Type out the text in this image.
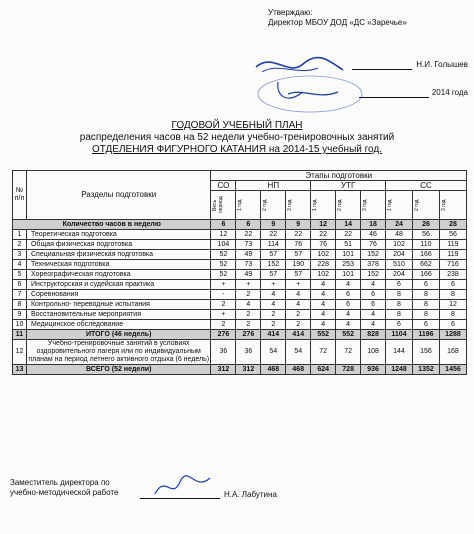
Утверждаю:
Директор МБОУ ДОД «ДС «Заречье»
Н.И. Голышев
2014 года
ГОДОВОЙ УЧЕБНЫЙ ПЛАН
распределения часов на 52 недели учебно-тренировочных занятий
ОТДЕЛЕНИЯ ФИГУРНОГО КАТАНИЯ на 2014-15 учебный год.
№ п/п	Разделы подготовки	Этапы подготовки									
		СО	НП			УТГ			СС		

		Весь период	1 год	2 год	3 год	1 год	2 год	3 год	1 год	2 год	3 год

Количество часов в неделю		6	6	9	9	12	14	18	24	26	28
1	Теоретическая подготовка	12	22	22	22	22	22	46	48	56	56
2	Общая физическая подготовка	104	73	114	76	76	51	76	102	110	119
3	Специальная физическая подготовка	52	49	57	57	102	101	152	204	166	119
4	Техническая подготовка	52	73	152	190	228	253	378	510	662	716
5	Хореографическая подготовка	52	49	57	57	102	101	152	204	166	238
6	Инструкторская и судейская практика	+	+	+	+	4	4	4	6	6	6
7	Соревнования	-	2	4	4	4	6	6	8	8	8
8	Контрольно- переводные испытания	2	4	4	4	4	6	6	8	8	12
9	Восстановительные мероприятия	+	2	2	2	4	4	4	8	8	8
10	Медицинское обследование	2	2	2	2	4	4	4	6	6	6
11	ИТОГО (46 недель)	276	276	414	414	552	552	828	1104	1196	1288
12	Учебно-тренировочные занятий в условиях оздоровительного лагеря или по индивидуальным планам на период летнего активного отдыха (6 недель)	36	36	54	54	72	72	108	144	156	168
13	ВСЕГО (52 недели)	312	312	468	468	624	728	936	1248	1352	1456
Заместитель директора по
учебно-методической работе	Н.А. Лабутина
